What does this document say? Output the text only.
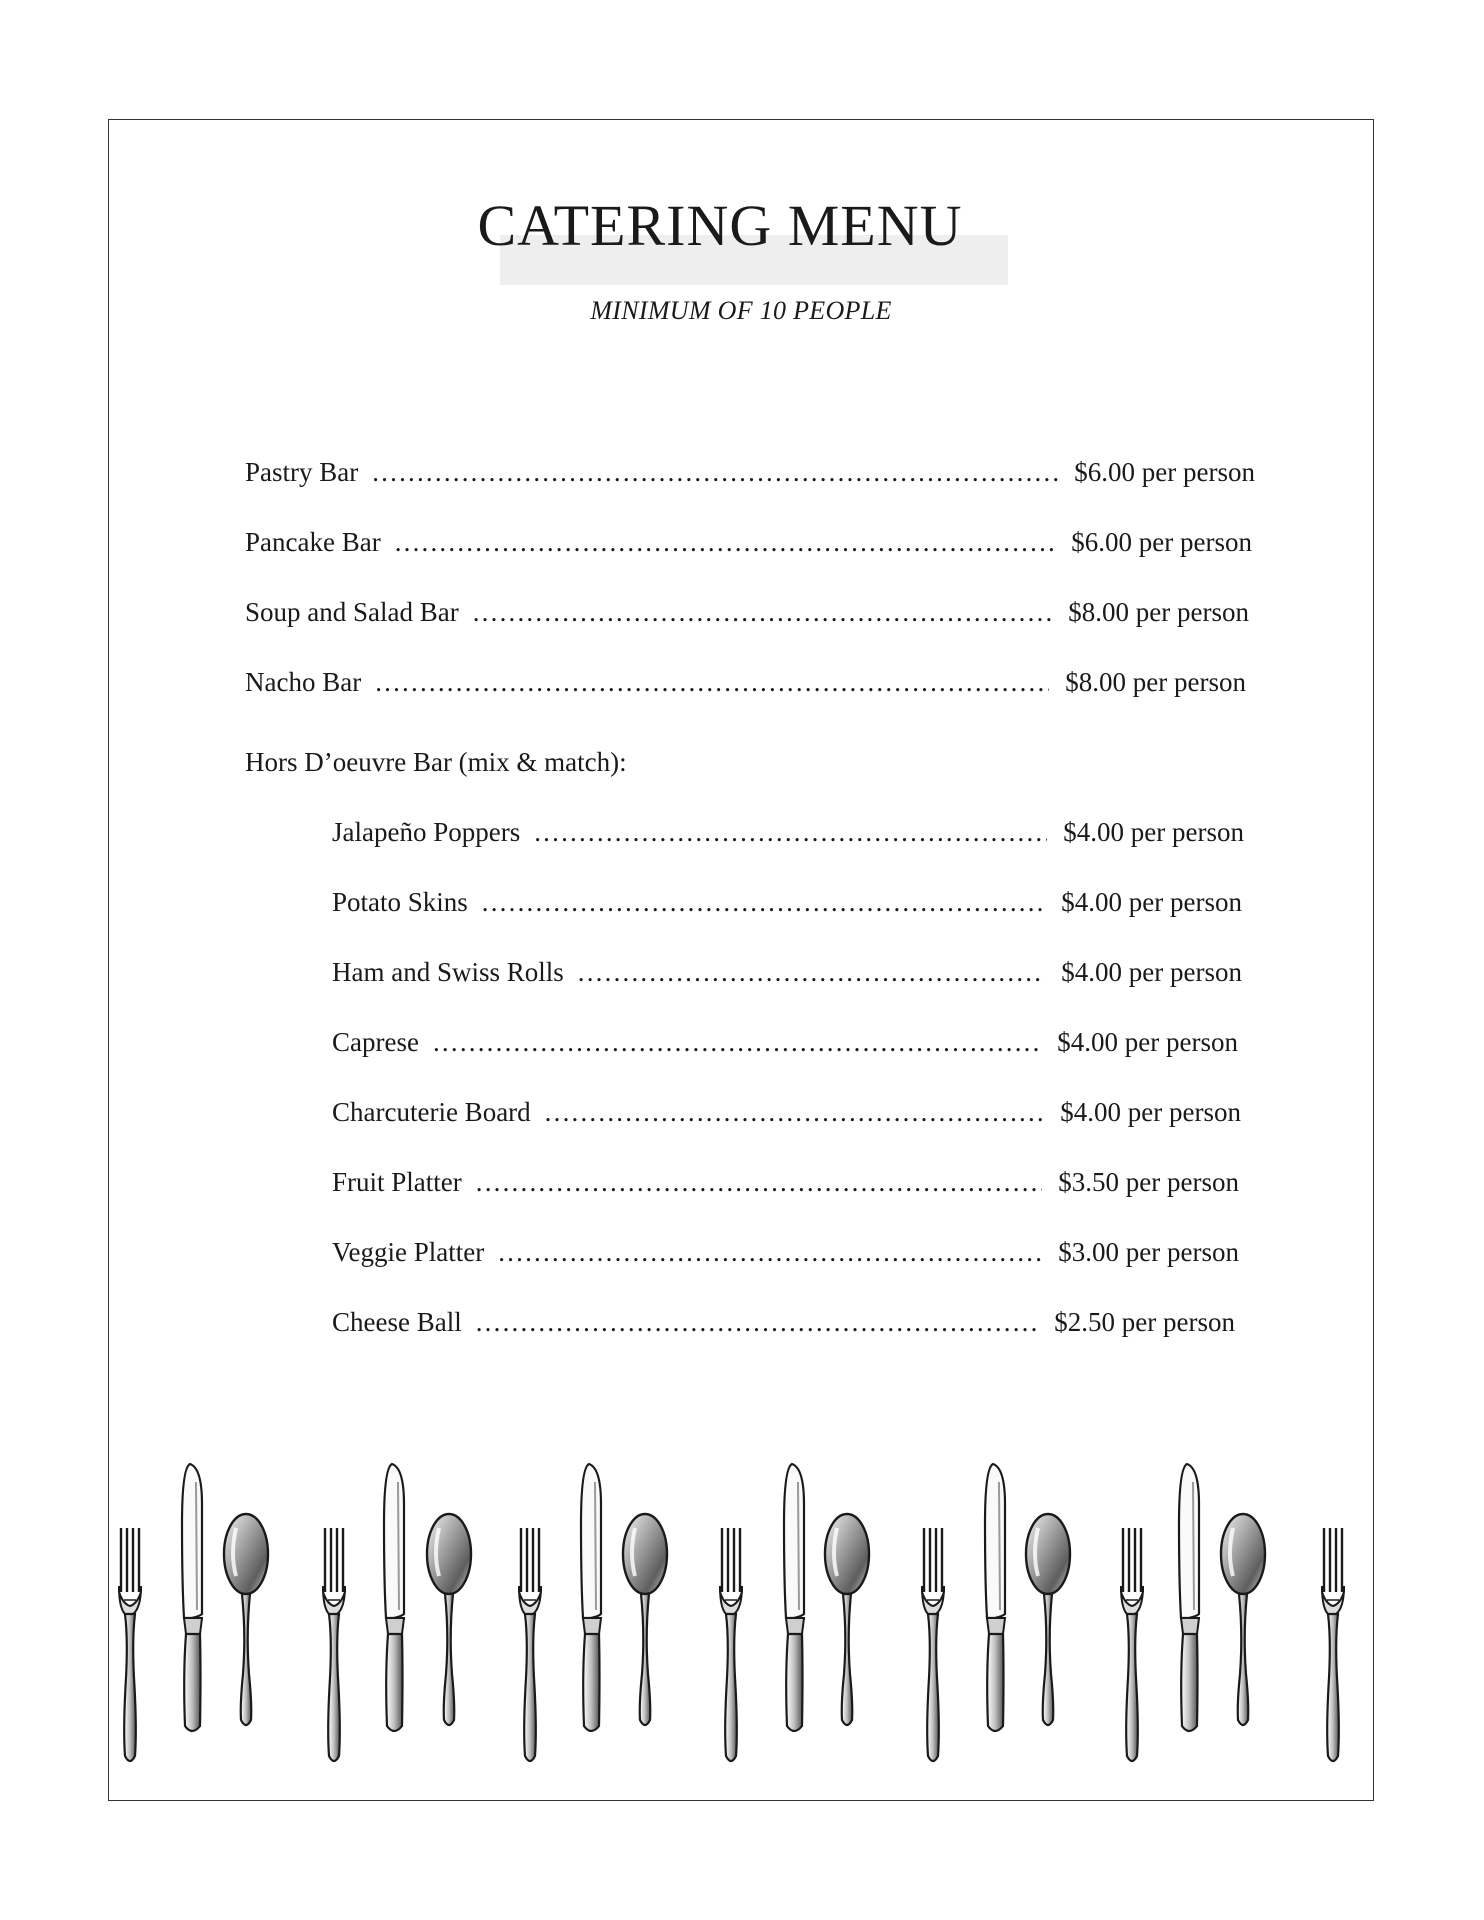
CATERING MENU
MINIMUM OF 10 PEOPLE
Pastry Bar .....	$6.00 per person
Pancake Bar .....	$6.00 per person
Soup and Salad Bar .....	$8.00 per person
Nacho Bar .....	$8.00 per person
Hors D’oeuvre Bar (mix & match):
Jalapeño Poppers .....	$4.00 per person
Potato Skins .....	$4.00 per person
Ham and Swiss Rolls .....	$4.00 per person
Caprese .....	$4.00 per person
Charcuterie Board .....	$4.00 per person
Fruit Platter .....	$3.50 per person
Veggie Platter .....	$3.00 per person
Cheese Ball .....	$2.50 per person
